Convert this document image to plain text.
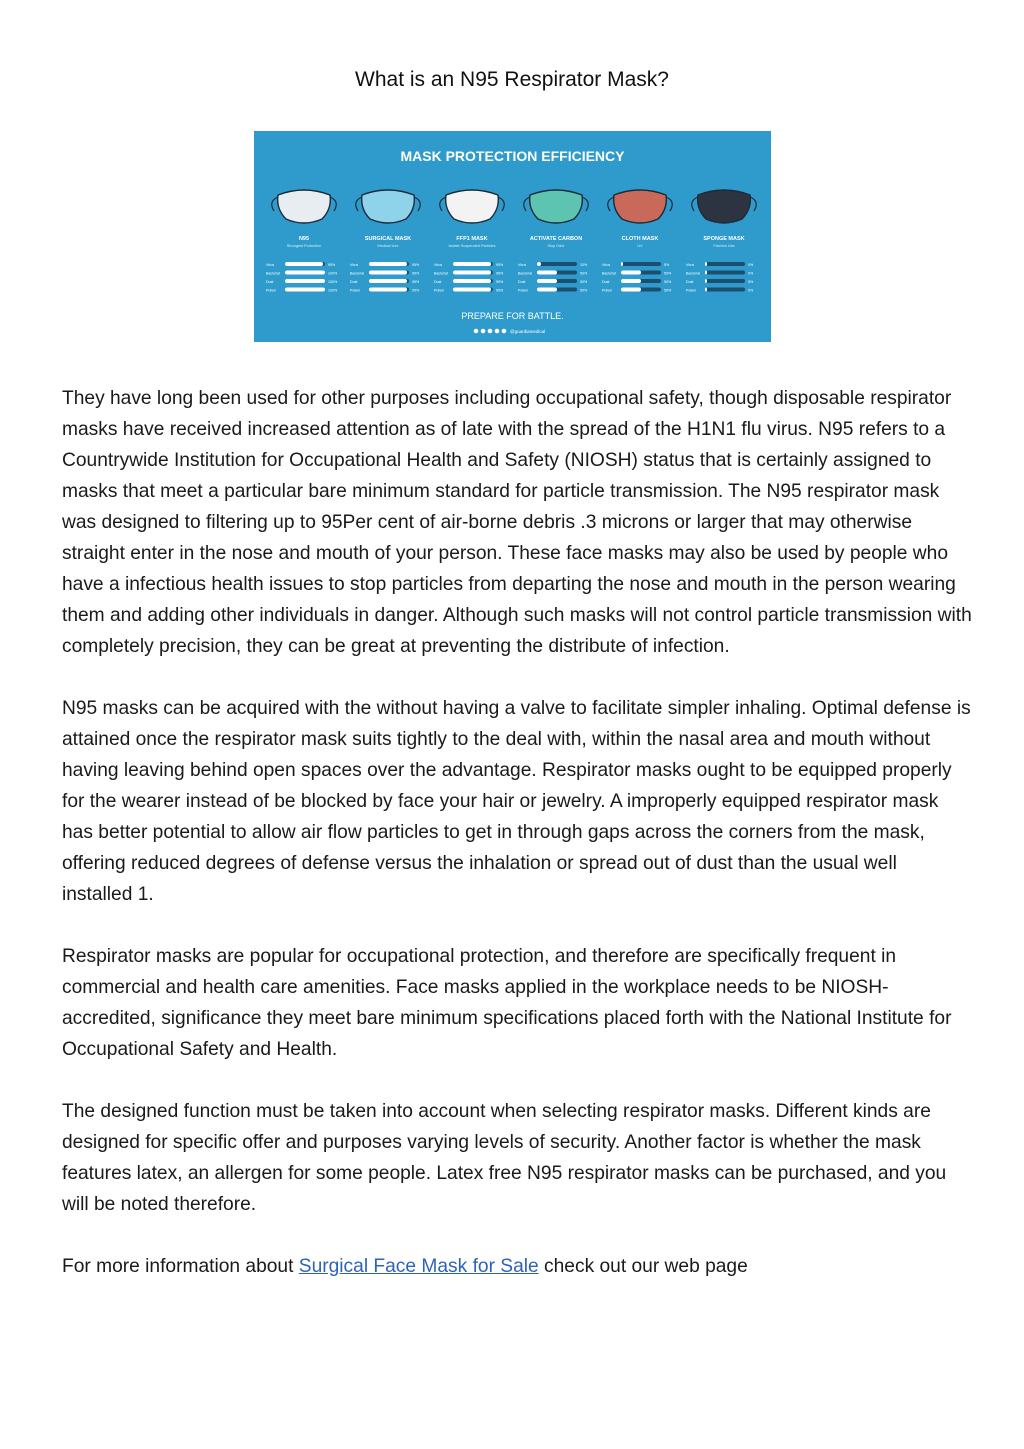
What is an N95 Respirator Mask?
MASK PROTECTION EFFICIENCY
N95
Strongest Protection
Virus	95%
Bacterial	100%
Dust	100%
Pollen	100%
SURGICAL MASK
Medical Use
Virus	95%
Bacterial	95%
Dust	95%
Pollen	95%
FFP1 MASK
Isolate Suspended Particles
Virus	95%
Bacterial	95%
Dust	95%
Pollen	95%
ACTIVATE CARBON
Stop Odor
Virus	10%
Bacterial	50%
Dust	50%
Pollen	50%
CLOTH MASK
UV
Virus	5%
Bacterial	50%
Dust	50%
Pollen	50%
SPONGE MASK
Fashion Use
Virus	0%
Bacterial	0%
Dust	5%
Pollen	5%
PREPARE FOR BATTLE.
@guardiamedical

They have long been used for other purposes including occupational safety, though disposable respirator masks have received increased attention as of late with the spread of the H1N1 flu virus. N95 refers to a Countrywide Institution for Occupational Health and Safety (NIOSH) status that is certainly assigned to masks that meet a particular bare minimum standard for particle transmission. The N95 respirator mask was designed to filtering up to 95Per cent of air-borne debris .3 microns or larger that may otherwise straight enter in the nose and mouth of your person. These face masks may also be used by people who have a infectious health issues to stop particles from departing the nose and mouth in the person wearing them and adding other individuals in danger. Although such masks will not control particle transmission with completely precision, they can be great at preventing the distribute of infection.

N95 masks can be acquired with the without having a valve to facilitate simpler inhaling. Optimal defense is attained once the respirator mask suits tightly to the deal with, within the nasal area and mouth without having leaving behind open spaces over the advantage. Respirator masks ought to be equipped properly for the wearer instead of be blocked by face your hair or jewelry. A improperly equipped respirator mask has better potential to allow air flow particles to get in through gaps across the corners from the mask, offering reduced degrees of defense versus the inhalation or spread out of dust than the usual well installed 1.

Respirator masks are popular for occupational protection, and therefore are specifically frequent in commercial and health care amenities. Face masks applied in the workplace needs to be NIOSH-accredited, significance they meet bare minimum specifications placed forth with the National Institute for Occupational Safety and Health.

The designed function must be taken into account when selecting respirator masks. Different kinds are designed for specific offer and purposes varying levels of security. Another factor is whether the mask features latex, an allergen for some people. Latex free N95 respirator masks can be purchased, and you will be noted therefore.

For more information about Surgical Face Mask for Sale check out our web page
